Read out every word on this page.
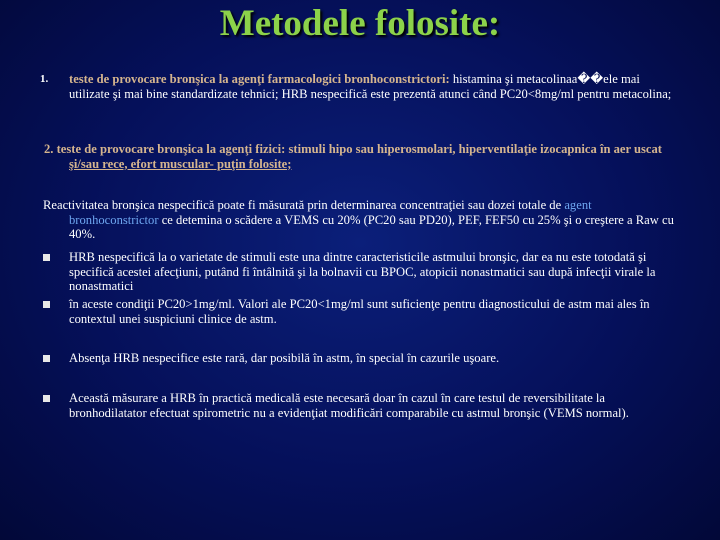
Metodele folosite:
1. teste de provocare bronşica la agenţi farmacologici bronhoconstrictori: histamina şi metacolinaa��ele mai utilizate şi mai bine standardizate tehnici; HRB nespecifică este prezentă atunci când PC20<8mg/ml pentru metacolina;
2. teste de provocare bronşica la agenţi fizici: stimuli hipo sau hiperosmolari, hiperventilaţie izocapnica în aer uscat şi/sau rece, efort muscular- puţin folosite;
Reactivitatea bronşica nespecifică poate fi măsurată prin determinarea concentraţiei sau dozei totale de agent bronhoconstrictor ce detemina o scădere a VEMS cu 20% (PC20 sau PD20), PEF, FEF50 cu 25% şi o creştere a Raw cu 40%.
HRB nespecifică la o varietate de stimuli este una dintre caracteristicile astmului bronşic, dar ea nu este totodată şi specifică acestei afecţiuni, putând fi întâlnită şi la bolnavii cu BPOC, atopicii nonastmatici sau după infecţii virale la nonastmatici
în aceste condiţii PC20>1mg/ml. Valori ale PC20<1mg/ml sunt suficienţe pentru diagnosticului de astm mai ales în contextul unei suspiciuni clinice de astm.
Absenţa HRB nespecifice este rară, dar posibilă în astm, în special în cazurile uşoare.
Această măsurare a HRB în practică medicală este necesară doar în cazul în care testul de reversibilitate la bronhodilatator efectuat spirometric nu a evidenţiat modificări comparabile cu astmul bronşic (VEMS normal).
